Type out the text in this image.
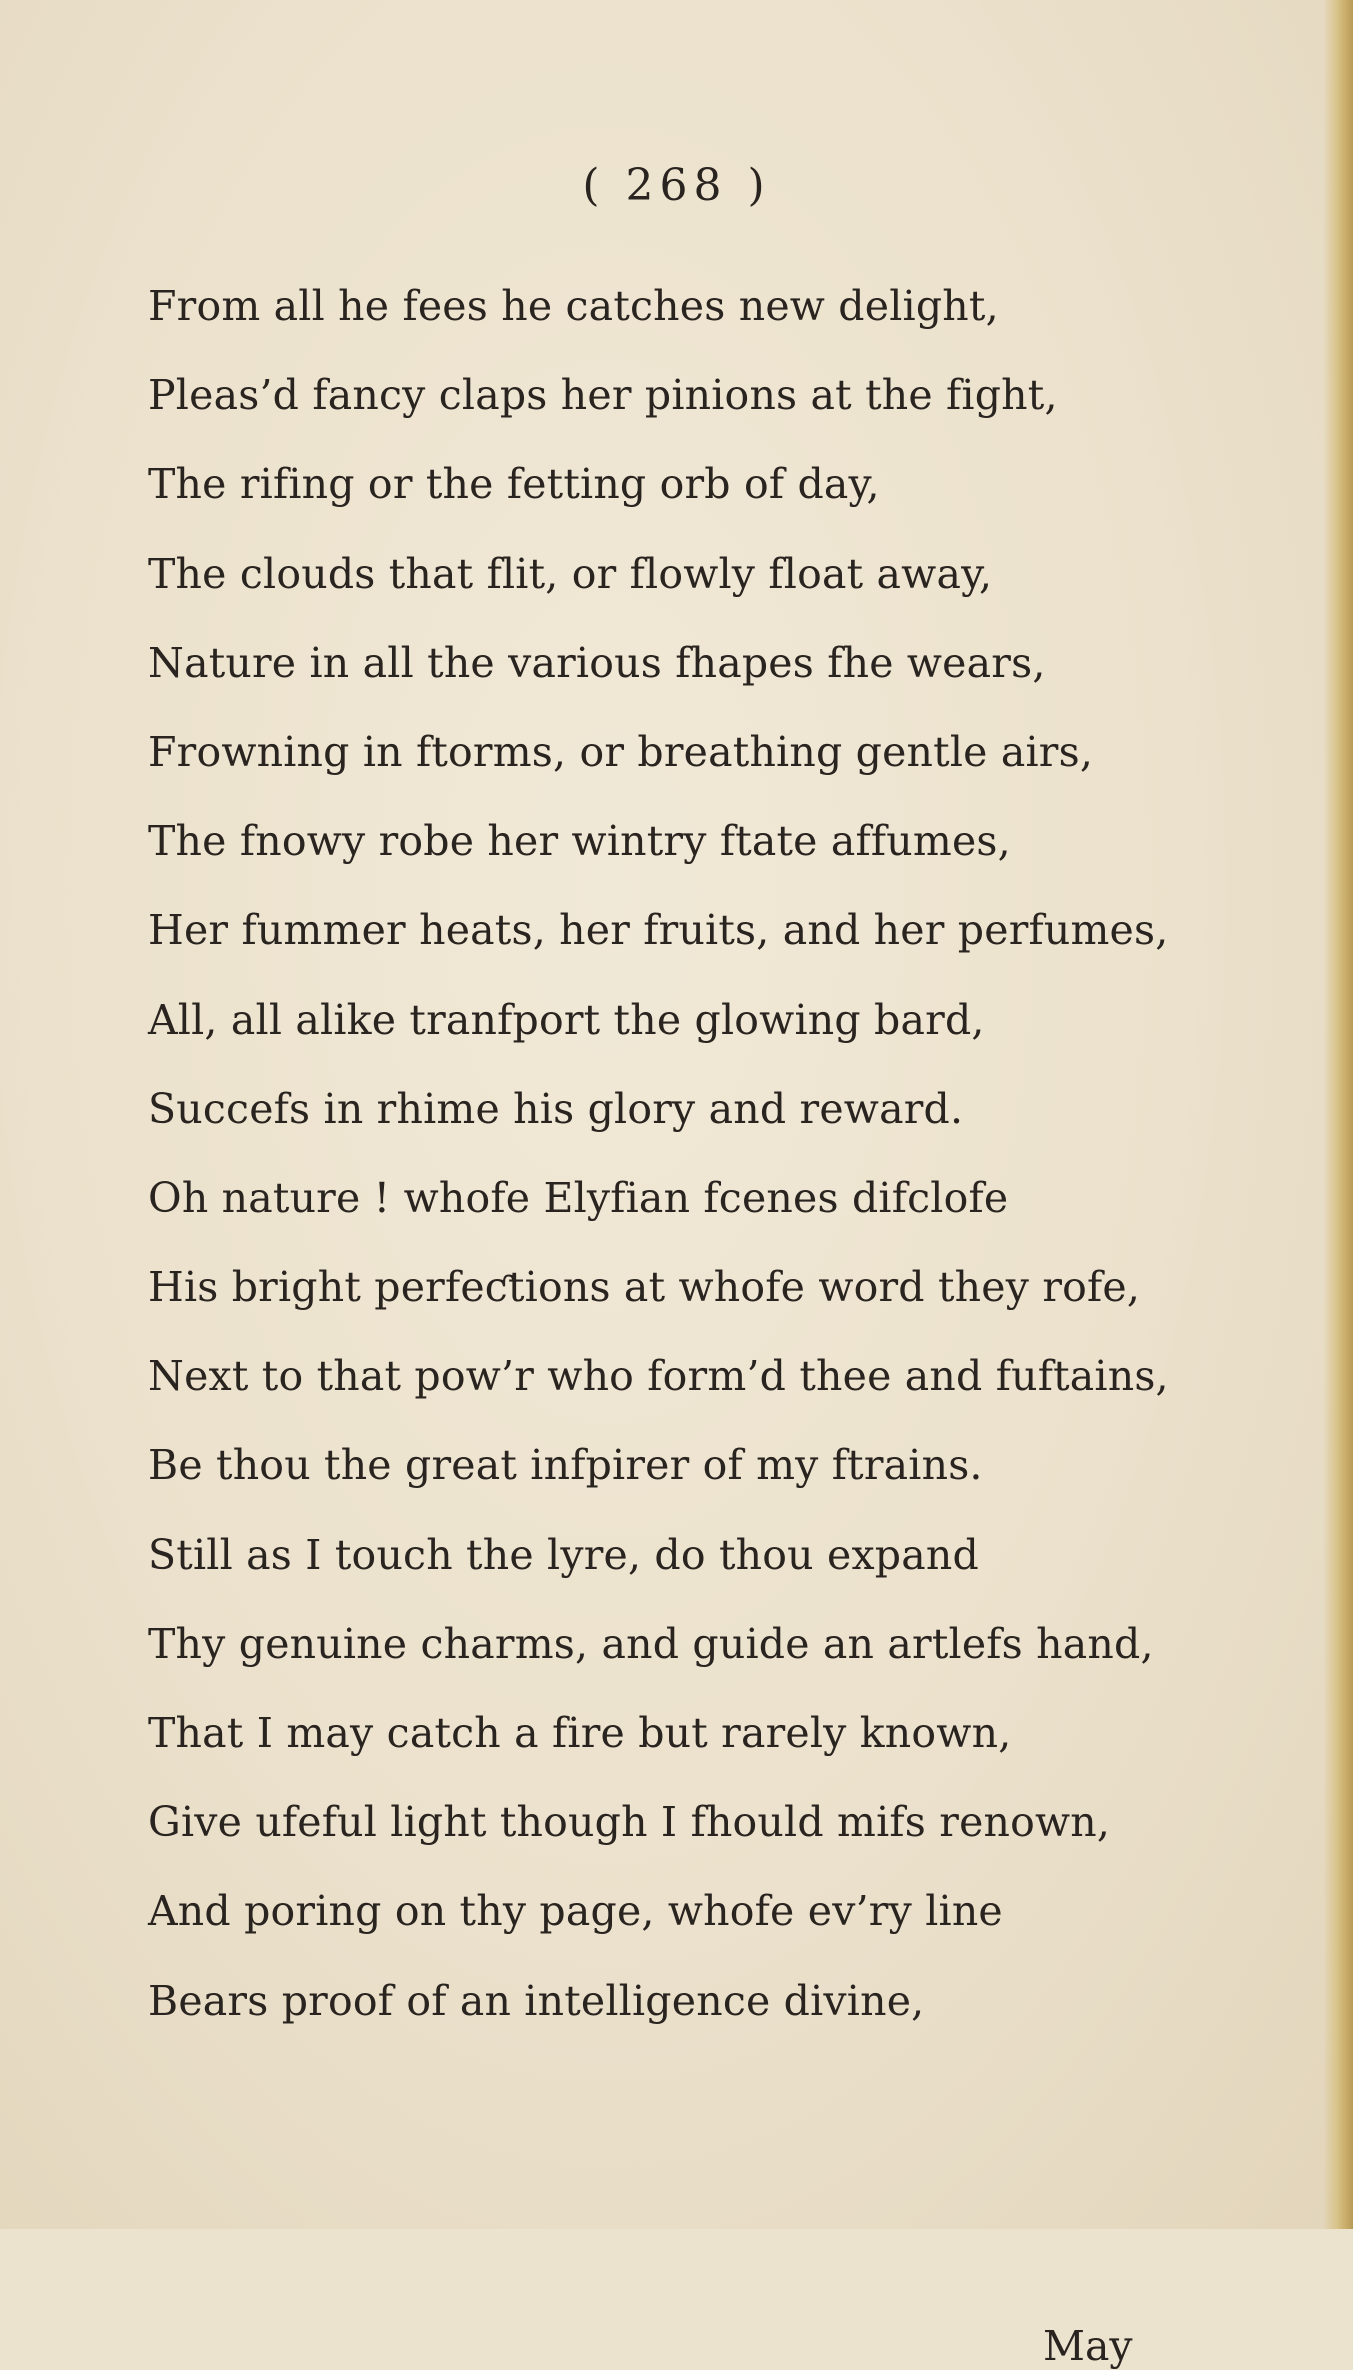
( 268 )

From all he fees he catches new delight,
Pleas’d fancy claps her pinions at the fight,
The rifing or the fetting orb of day,
The clouds that flit, or flowly float away,
Nature in all the various fhapes fhe wears,
Frowning in ftorms, or breathing gentle airs,
The fnowy robe her wintry ftate affumes,
Her fummer heats, her fruits, and her perfumes,
All, all alike tranfport the glowing bard,
Succefs in rhime his glory and reward.
Oh nature ! whofe Elyfian fcenes difclofe
His bright perfeƈtions at whofe word they rofe,
Next to that pow’r who form’d thee and fuftains,
Be thou the great infpirer of my ftrains.
Still as I touch the lyre, do thou expand
Thy genuine charms, and guide an artlefs hand,
That I may catch a fire but rarely known,
Give ufeful light though I fhould mifs renown,
And poring on thy page, whofe ev’ry line
Bears proof of an intelligence divine,

May
